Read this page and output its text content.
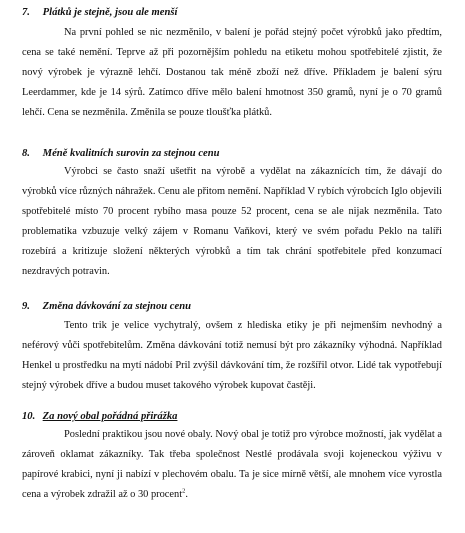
7. Plátků je stejně, jsou ale menší

Na první pohled se nic nezměnilo, v balení je pořád stejný počet výrobků jako předtím, cena se také nemění. Teprve až při pozornějším pohledu na etiketu mohou spotřebitelé zjistit, že nový výrobek je výrazně lehčí. Dostanou tak méně zboží než dříve. Příkladem je balení sýru Leerdammer, kde je 14 sýrů. Zatímco dříve mělo balení hmotnost 350 gramů, nyní je o 70 gramů lehčí. Cena se nezměnila. Změnila se pouze tloušťka plátků.

8. Méně kvalitních surovin za stejnou cenu

Výrobci se často snaží ušetřit na výrobě a vydělat na zákaznících tím, že dávají do výrobků více různých náhražek. Cenu ale přitom nemění. Například V rybích výrobcích Iglo objevili spotřebitelé místo 70 procent rybího masa pouze 52 procent, cena se ale nijak nezměnila. Tato problematika vzbuzuje velký zájem v Romanu Vaňkovi, který ve svém pořadu Peklo na talíři rozebírá a kritizuje složení některých výrobků a tím tak chrání spotřebitele před konzumací nezdravých potravin.

9. Změna dávkování za stejnou cenu

Tento trik je velice vychytralý, ovšem z hlediska etiky je při nejmenším nevhodný a neférový vůči spotřebitelům. Změna dávkování totiž nemusí být pro zákazníky výhodná. Například Henkel u prostředku na mytí nádobí Pril zvýšil dávkování tím, že rozšířil otvor. Lidé tak vypotřebují stejný výrobek dříve a budou muset takového výrobek kupovat častěji.

10. Za nový obal pořádná přirážka

Poslední praktikou jsou nové obaly. Nový obal je totiž pro výrobce možností, jak vydělat a zároveň oklamat zákazníky. Tak třeba společnost Nestlé prodávala svoji kojeneckou výživu v papírové krabici, nyní ji nabízí v plechovém obalu. Ta je sice mírně větší, ale mnohem více vyrostla cena a výrobek zdražil až o 30 procent$^2$.
